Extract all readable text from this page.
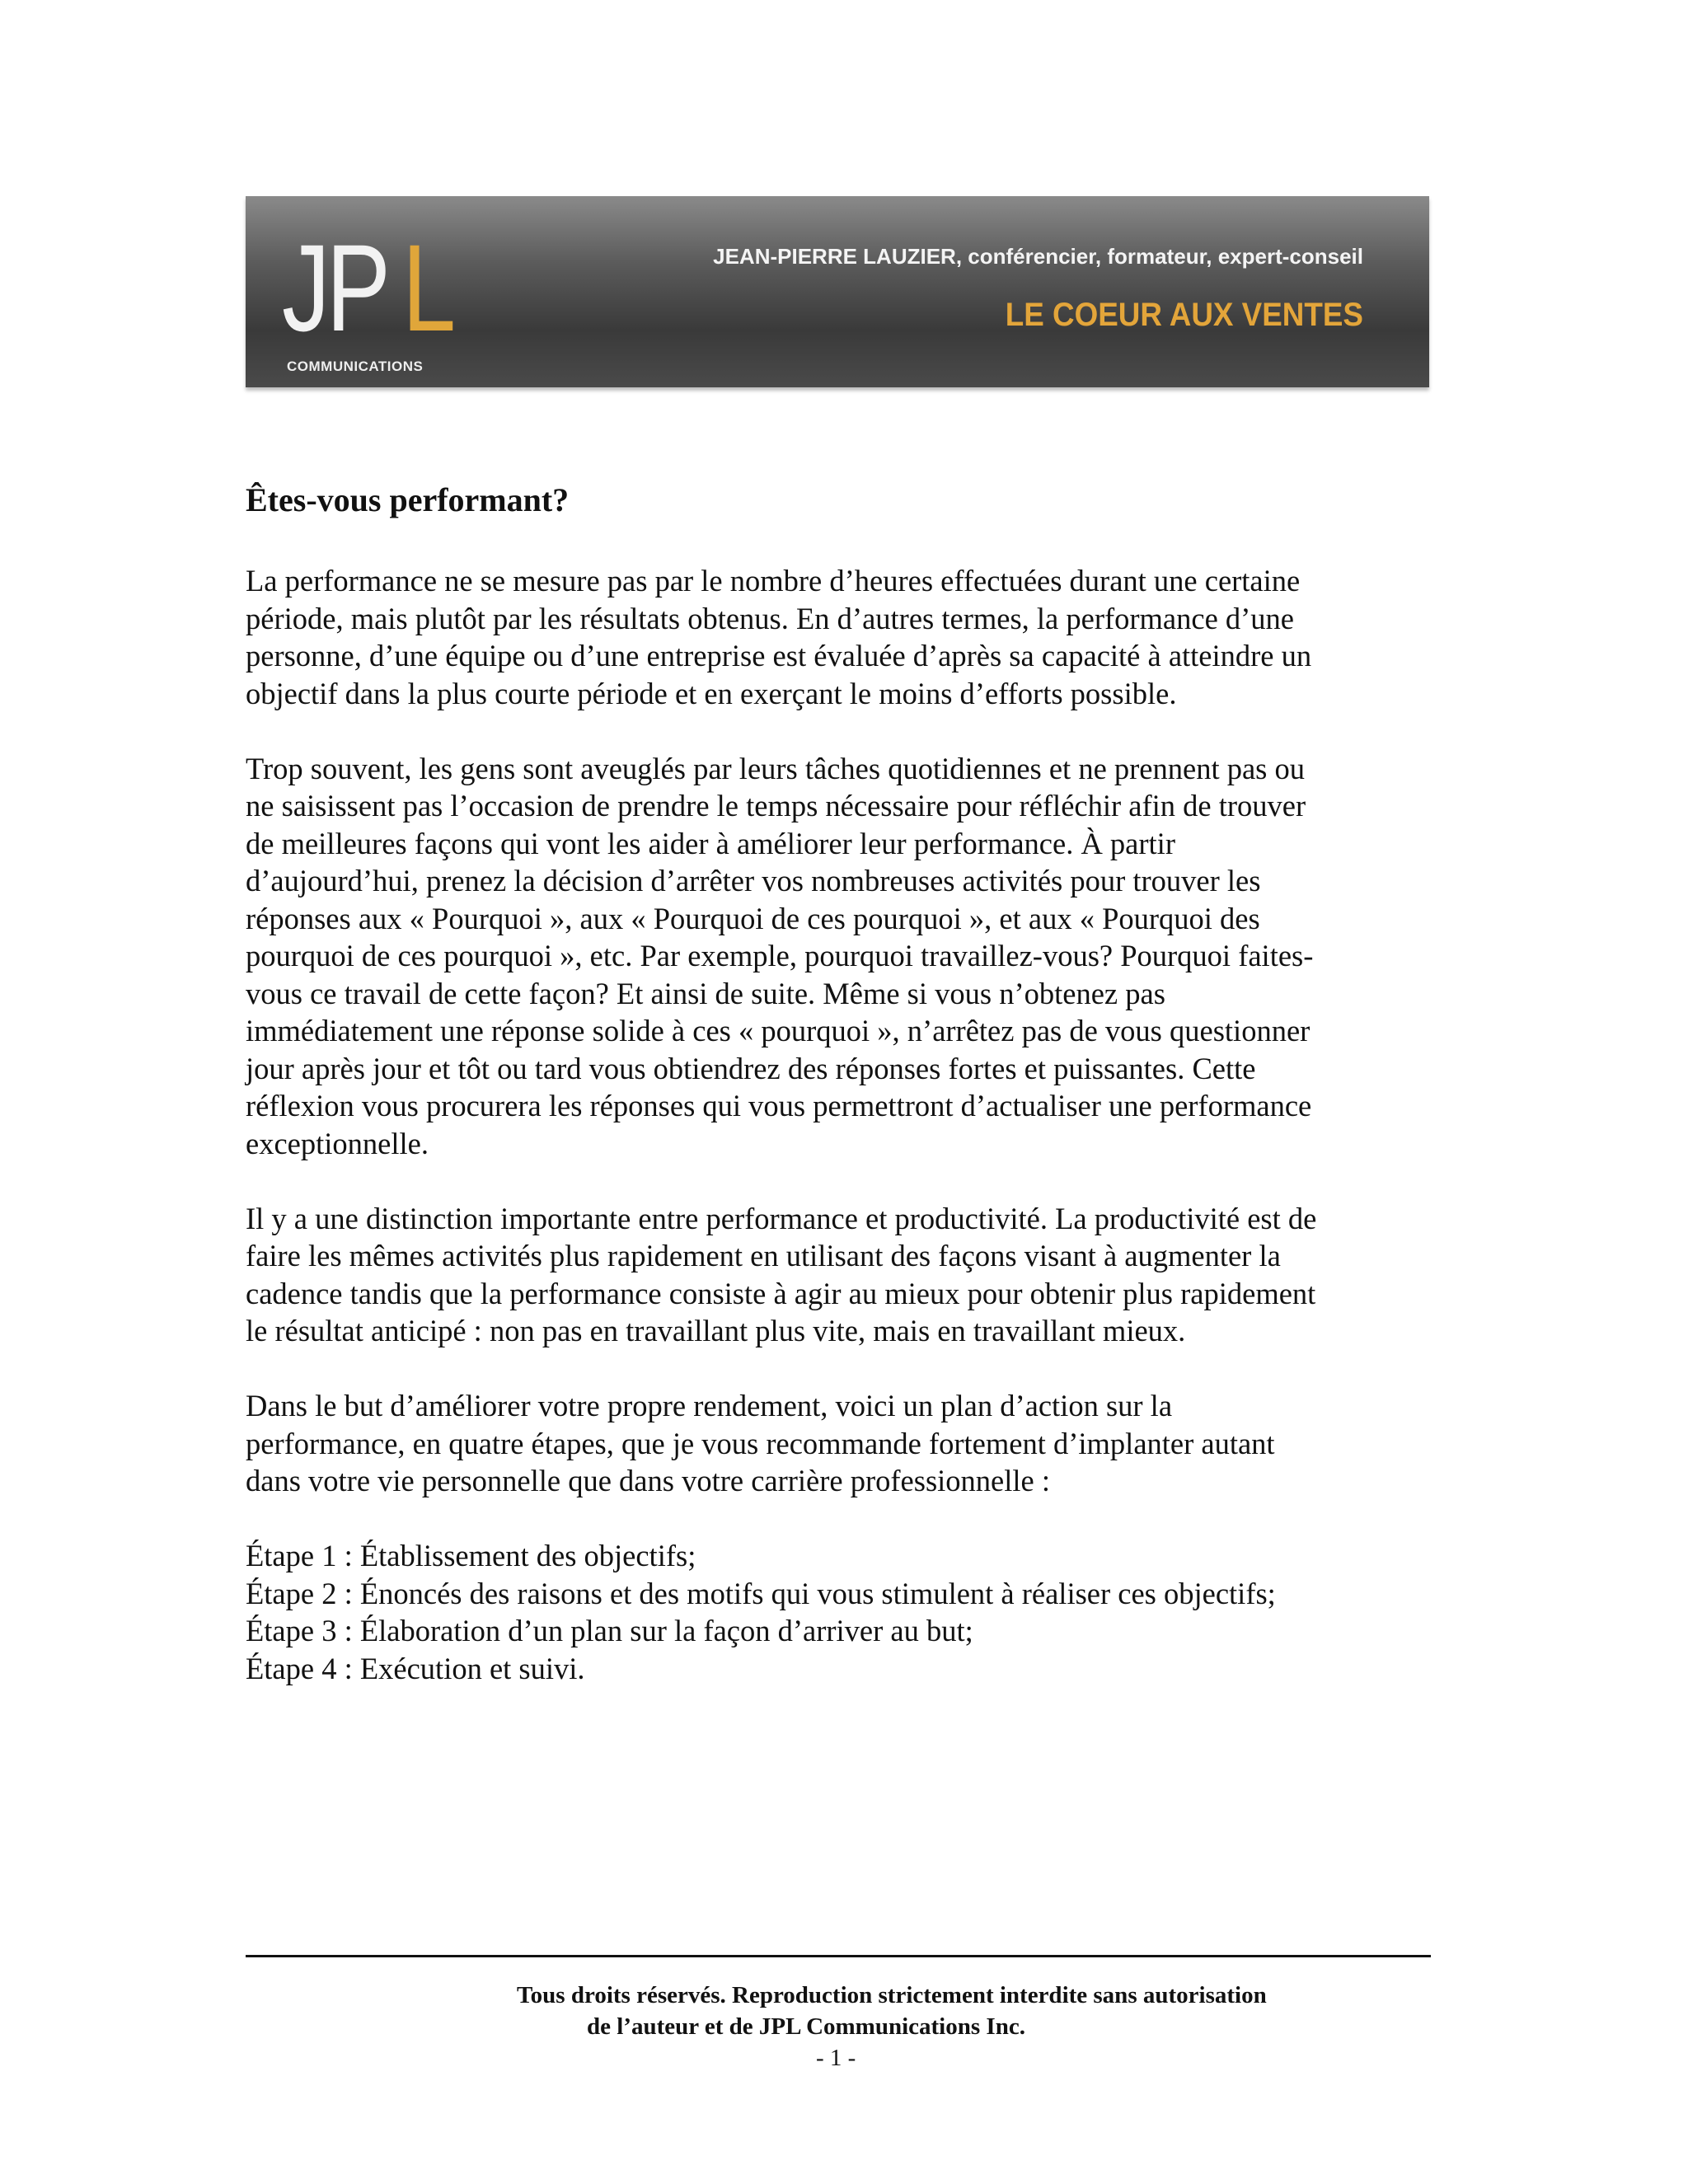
JP L
COMMUNICATIONS
JEAN-PIERRE LAUZIER, conférencier, formateur, expert-conseil
LE COEUR AUX VENTES
Êtes-vous performant?

La performance ne se mesure pas par le nombre d’heures effectuées durant une certaine
période, mais plutôt par les résultats obtenus. En d’autres termes, la performance d’une
personne, d’une équipe ou d’une entreprise est évaluée d’après sa capacité à atteindre un
objectif dans la plus courte période et en exerçant le moins d’efforts possible.

Trop souvent, les gens sont aveuglés par leurs tâches quotidiennes et ne prennent pas ou
ne saisissent pas l’occasion de prendre le temps nécessaire pour réfléchir afin de trouver
de meilleures façons qui vont les aider à améliorer leur performance. À partir
d’aujourd’hui, prenez la décision d’arrêter vos nombreuses activités pour trouver les
réponses aux « Pourquoi », aux « Pourquoi de ces pourquoi », et aux « Pourquoi des
pourquoi de ces pourquoi », etc. Par exemple, pourquoi travaillez-vous? Pourquoi faites-
vous ce travail de cette façon? Et ainsi de suite. Même si vous n’obtenez pas
immédiatement une réponse solide à ces « pourquoi », n’arrêtez pas de vous questionner
jour après jour et tôt ou tard vous obtiendrez des réponses fortes et puissantes. Cette
réflexion vous procurera les réponses qui vous permettront d’actualiser une performance
exceptionnelle.

Il y a une distinction importante entre performance et productivité. La productivité est de
faire les mêmes activités plus rapidement en utilisant des façons visant à augmenter la
cadence tandis que la performance consiste à agir au mieux pour obtenir plus rapidement
le résultat anticipé : non pas en travaillant plus vite, mais en travaillant mieux.

Dans le but d’améliorer votre propre rendement, voici un plan d’action sur la
performance, en quatre étapes, que je vous recommande fortement d’implanter autant
dans votre vie personnelle que dans votre carrière professionnelle :

Étape 1 : Établissement des objectifs;
Étape 2 : Énoncés des raisons et des motifs qui vous stimulent à réaliser ces objectifs;
Étape 3 : Élaboration d’un plan sur la façon d’arriver au but;
Étape 4 : Exécution et suivi.
Tous droits réservés. Reproduction strictement interdite sans autorisation
de l’auteur et de JPL Communications Inc.
- 1 -
